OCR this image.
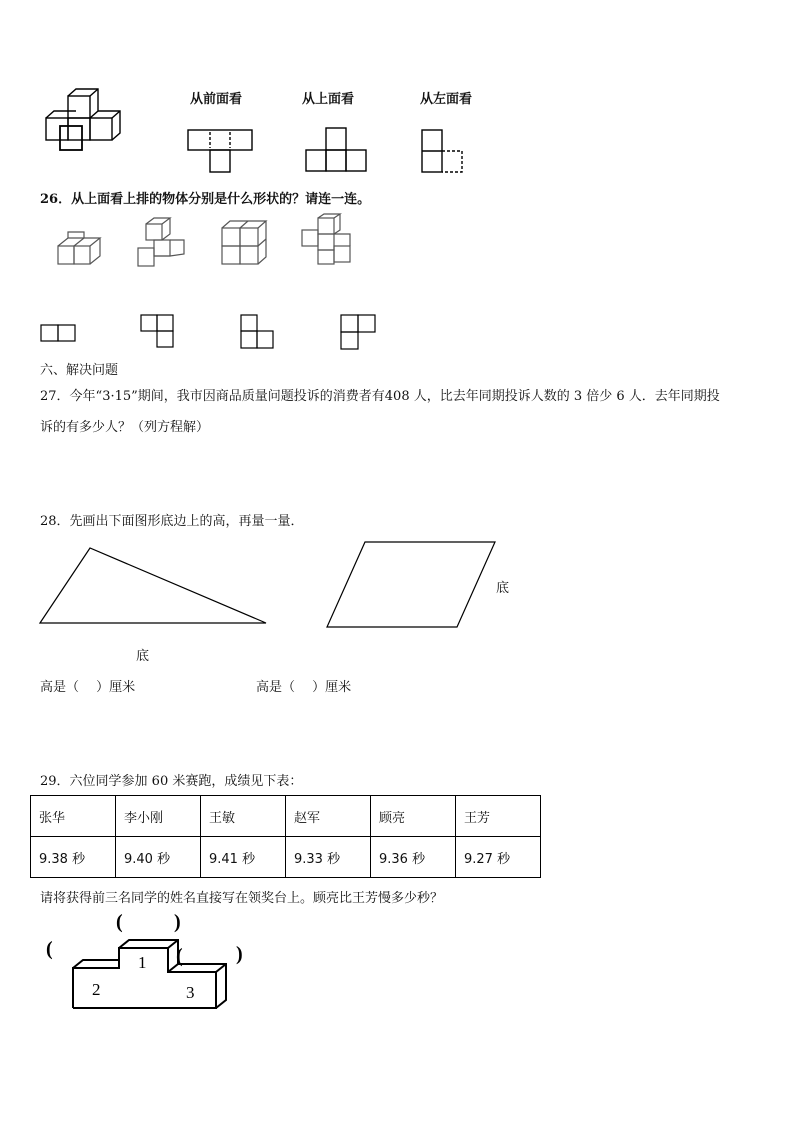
从前面看	从上面看	从左面看
26．从上面看上排的物体分别是什么形状的？请连一连。
六、解决问题
27．今年“3·15”期间，我市因商品质量问题投诉的消费者有408 人，比去年同期投诉人数的 3 倍少 6 人．去年同期投
诉的有多少人？（列方程解）
28．先画出下面图形底边上的高，再量一量．
底
底
高是（　 ）厘米	高是（　 ）厘米
29．六位同学参加 60 米赛跑，成绩见下表：
张华	李小刚	王敏	赵军	顾亮	王芳
9.38 秒	9.40 秒	9.41 秒	9.33 秒	9.36 秒	9.27 秒
请将获得前三名同学的姓名直接写在领奖台上。顾亮比王芳慢多少秒？
1
2	3
(
(	)
(	)
